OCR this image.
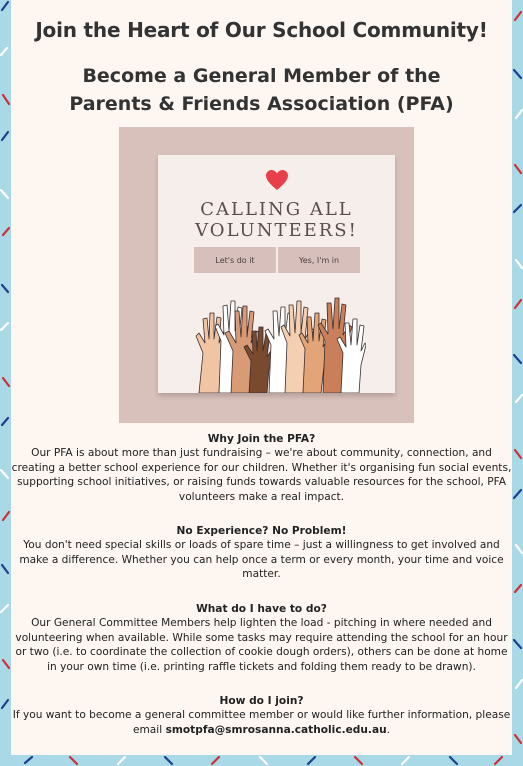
Join the Heart of Our School Community!
Become a General Member of the
Parents & Friends Association (PFA)
CALLING ALL
VOLUNTEERS!
Let's do it	Yes, I'm in
Why Join the PFA?
Our PFA is about more than just fundraising – we're about community, connection, and creating a better school experience for our children. Whether it's organising fun social events, supporting school initiatives, or raising funds towards valuable resources for the school, PFA volunteers make a real impact.
No Experience? No Problem!
You don't need special skills or loads of spare time – just a willingness to get involved and make a difference. Whether you can help once a term or every month, your time and voice matter.
What do I have to do?
Our General Committee Members help lighten the load - pitching in where needed and volunteering when available. While some tasks may require attending the school for an hour or two (i.e. to coordinate the collection of cookie dough orders), others can be done at home in your own time (i.e. printing raffle tickets and folding them ready to be drawn).
How do I join?
If you want to become a general committee member or would like further information, please email smotpfa@smrosanna.catholic.edu.au.
